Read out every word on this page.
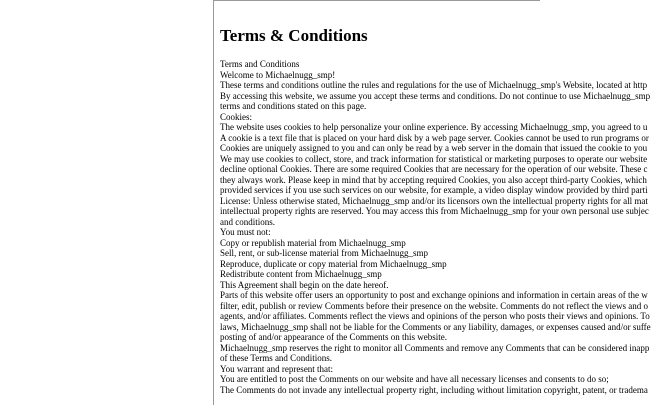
Terms & Conditions
Terms and Conditions
Welcome to Michaelnugg_smp!
These terms and conditions outline the rules and regulations for the use of Michaelnugg_smp's Website, located at http
By accessing this website, we assume you accept these terms and conditions. Do not continue to use Michaelnugg_smp
terms and conditions stated on this page.
Cookies:
The website uses cookies to help personalize your online experience. By accessing Michaelnugg_smp, you agreed to u
A cookie is a text file that is placed on your hard disk by a web page server. Cookies cannot be used to run programs or
Cookies are uniquely assigned to you and can only be read by a web server in the domain that issued the cookie to you
We may use cookies to collect, store, and track information for statistical or marketing purposes to operate our website
decline optional Cookies. There are some required Cookies that are necessary for the operation of our website. These c
they always work. Please keep in mind that by accepting required Cookies, you also accept third-party Cookies, which
provided services if you use such services on our website, for example, a video display window provided by third parti
License: Unless otherwise stated, Michaelnugg_smp and/or its licensors own the intellectual property rights for all mat
intellectual property rights are reserved. You may access this from Michaelnugg_smp for your own personal use subjec
and conditions.
You must not:
Copy or republish material from Michaelnugg_smp
Sell, rent, or sub-license material from Michaelnugg_smp
Reproduce, duplicate or copy material from Michaelnugg_smp
Redistribute content from Michaelnugg_smp
This Agreement shall begin on the date hereof.
Parts of this website offer users an opportunity to post and exchange opinions and information in certain areas of the w
filter, edit, publish or review Comments before their presence on the website. Comments do not reflect the views and o
agents, and/or affiliates. Comments reflect the views and opinions of the person who posts their views and opinions. To
laws, Michaelnugg_smp shall not be liable for the Comments or any liability, damages, or expenses caused and/or suffe
posting of and/or appearance of the Comments on this website.
Michaelnugg_smp reserves the right to monitor all Comments and remove any Comments that can be considered inapp
of these Terms and Conditions.
You warrant and represent that:
You are entitled to post the Comments on our website and have all necessary licenses and consents to do so;
The Comments do not invade any intellectual property right, including without limitation copyright, patent, or tradema
